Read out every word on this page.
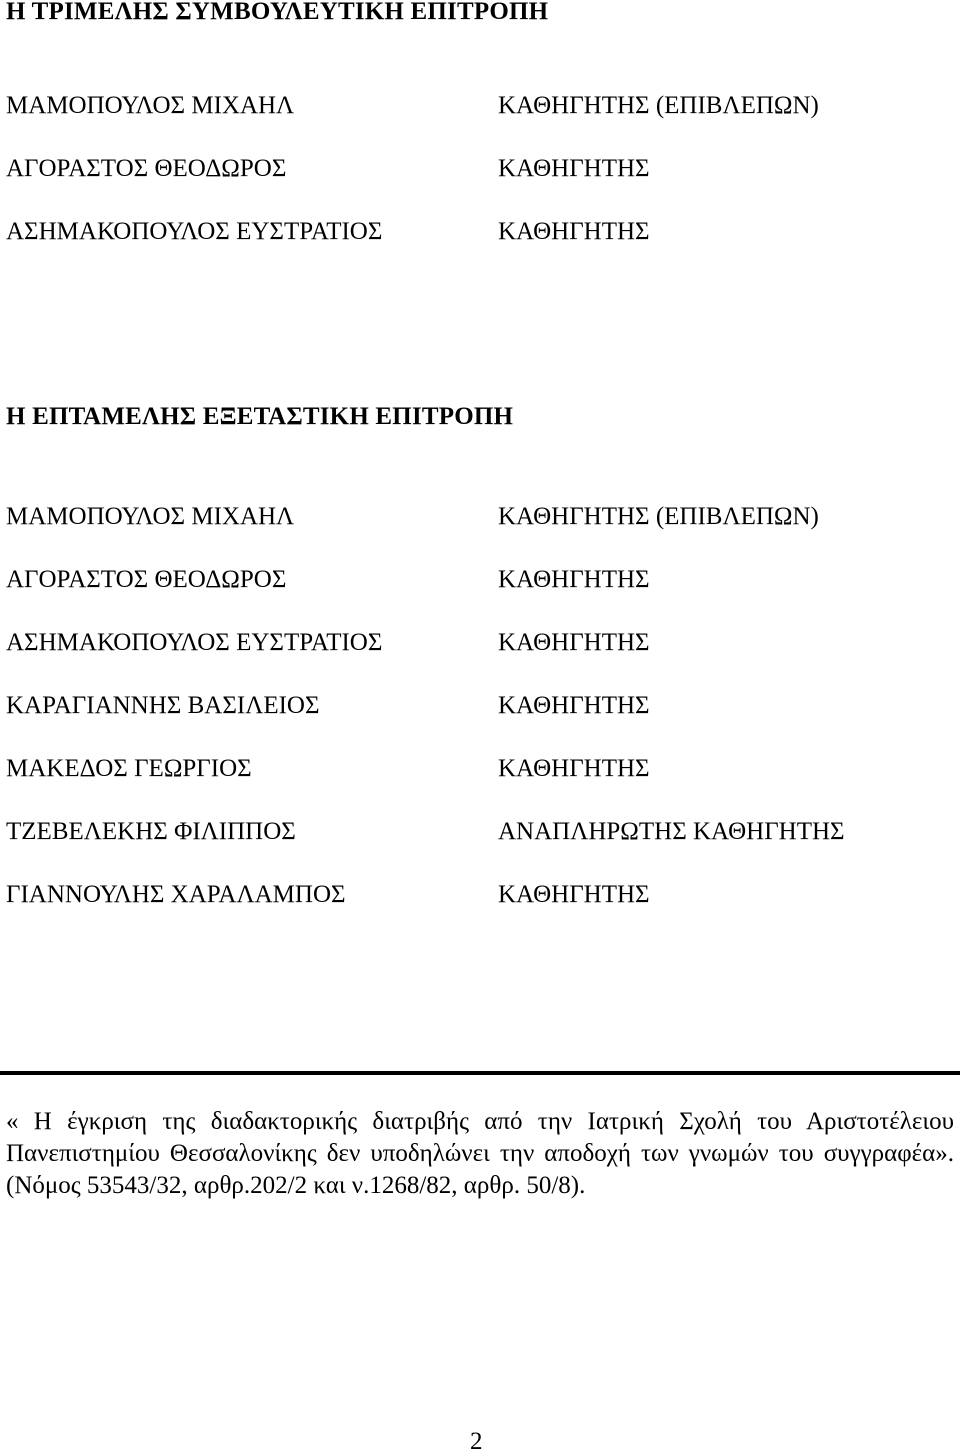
Η ΤΡΙΜΕΛΗΣ ΣΥΜΒΟΥΛΕΥΤΙΚΗ ΕΠΙΤΡΟΠΗ
ΜΑΜΟΠΟΥΛΟΣ ΜΙΧΑΗΛ	ΚΑΘΗΓΗΤΗΣ (ΕΠΙΒΛΕΠΩΝ)
ΑΓΟΡΑΣΤΟΣ ΘΕΟΔΩΡΟΣ	ΚΑΘΗΓΗΤΗΣ
ΑΣΗΜΑΚΟΠΟΥΛΟΣ ΕΥΣΤΡΑΤΙΟΣ	ΚΑΘΗΓΗΤΗΣ
Η ΕΠΤΑΜΕΛΗΣ ΕΞΕΤΑΣΤΙΚΗ ΕΠΙΤΡΟΠΗ
ΜΑΜΟΠΟΥΛΟΣ ΜΙΧΑΗΛ	ΚΑΘΗΓΗΤΗΣ (ΕΠΙΒΛΕΠΩΝ)
ΑΓΟΡΑΣΤΟΣ ΘΕΟΔΩΡΟΣ	ΚΑΘΗΓΗΤΗΣ
ΑΣΗΜΑΚΟΠΟΥΛΟΣ ΕΥΣΤΡΑΤΙΟΣ	ΚΑΘΗΓΗΤΗΣ
ΚΑΡΑΓΙΑΝΝΗΣ ΒΑΣΙΛΕΙΟΣ	ΚΑΘΗΓΗΤΗΣ
ΜΑΚΕΔΟΣ ΓΕΩΡΓΙΟΣ	ΚΑΘΗΓΗΤΗΣ
ΤΖΕΒΕΛΕΚΗΣ ΦΙΛΙΠΠΟΣ	ΑΝΑΠΛΗΡΩΤΗΣ ΚΑΘΗΓΗΤΗΣ
ΓΙΑΝΝΟΥΛΗΣ ΧΑΡΑΛΑΜΠΟΣ	ΚΑΘΗΓΗΤΗΣ
« Η έγκριση της διαδακτορικής διατριβής από την Ιατρική Σχολή του Αριστοτέλειου Πανεπιστημίου Θεσσαλονίκης δεν υποδηλώνει την αποδοχή των γνωμών του συγγραφέα». (Νόμος 53543/32, αρθρ.202/2 και ν.1268/82, αρθρ. 50/8).
2
